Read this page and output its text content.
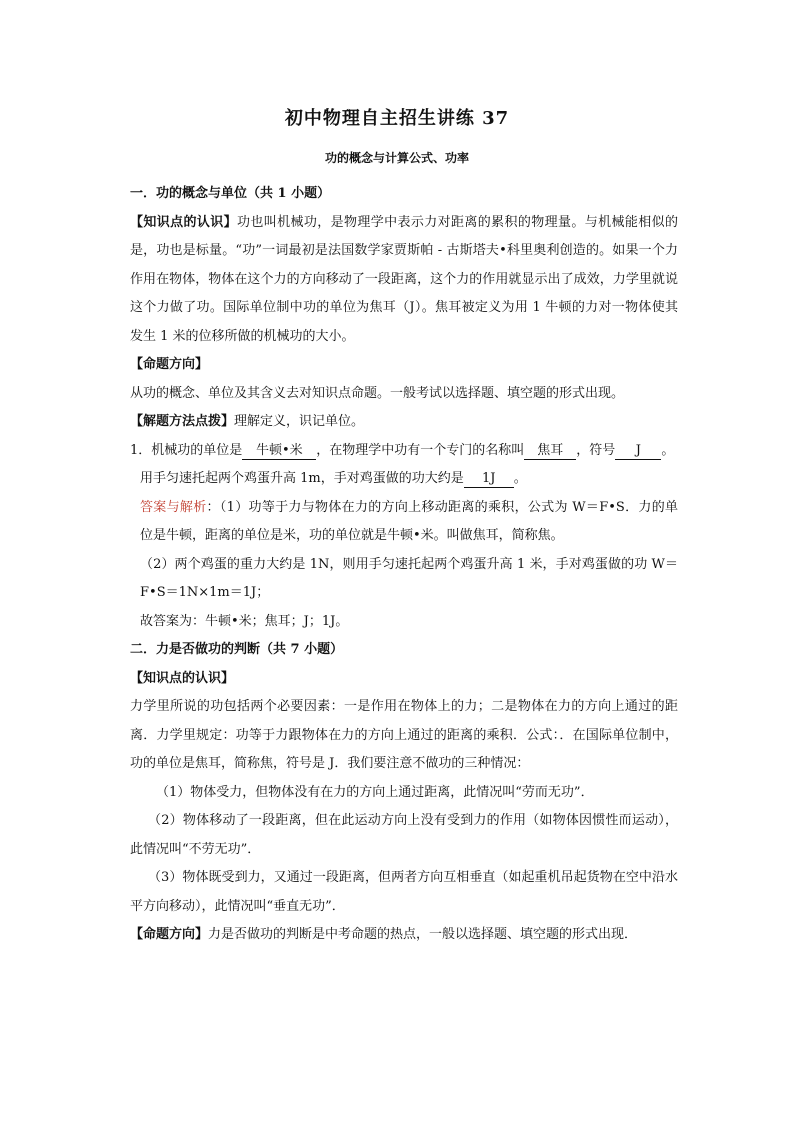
初中物理自主招生讲练 37
功的概念与计算公式、功率

一．功的概念与单位（共 1 小题）

【知识点的认识】功也叫机械功，是物理学中表示力对距离的累积的物理量。与机械能相似的是，功也是标量。“功”一词最初是法国数学家贾斯帕 - 古斯塔夫•科里奥利创造的。如果一个力作用在物体，物体在这个力的方向移动了一段距离，这个力的作用就显示出了成效，力学里就说这个力做了功。国际单位制中功的单位为焦耳（J）。焦耳被定义为用 1 牛顿的力对一物体使其发生 1 米的位移所做的机械功的大小。

【命题方向】

从功的概念、单位及其含义去对知识点命题。一般考试以选择题、填空题的形式出现。

【解题方法点拨】理解定义，识记单位。

1．机械功的单位是 牛顿•米 ，在物理学中功有一个专门的名称叫 焦耳 ，符号 J 。

用手匀速托起两个鸡蛋升高 1m，手对鸡蛋做的功大约是 1J 。

答案与解析：（1）功等于力与物体在力的方向上移动距离的乘积，公式为 W＝F•S．力的单位是牛顿，距离的单位是米，功的单位就是牛顿•米。叫做焦耳，简称焦。

（2）两个鸡蛋的重力大约是 1N，则用手匀速托起两个鸡蛋升高 1 米，手对鸡蛋做的功 W＝F•S＝1N×1m＝1J；

故答案为：牛顿•米；焦耳；J；1J。

二．力是否做功的判断（共 7 小题）

【知识点的认识】

力学里所说的功包括两个必要因素：一是作用在物体上的力；二是物体在力的方向上通过的距离．力学里规定：功等于力跟物体在力的方向上通过的距离的乘积．公式：．在国际单位制中，功的单位是焦耳，简称焦，符号是 J．我们要注意不做功的三种情况：

（1）物体受力，但物体没有在力的方向上通过距离，此情况叫“劳而无功”．

（2）物体移动了一段距离，但在此运动方向上没有受到力的作用（如物体因惯性而运动），此情况叫“不劳无功”．

（3）物体既受到力，又通过一段距离，但两者方向互相垂直（如起重机吊起货物在空中沿水平方向移动），此情况叫“垂直无功”．

【命题方向】力是否做功的判断是中考命题的热点，一般以选择题、填空题的形式出现．
